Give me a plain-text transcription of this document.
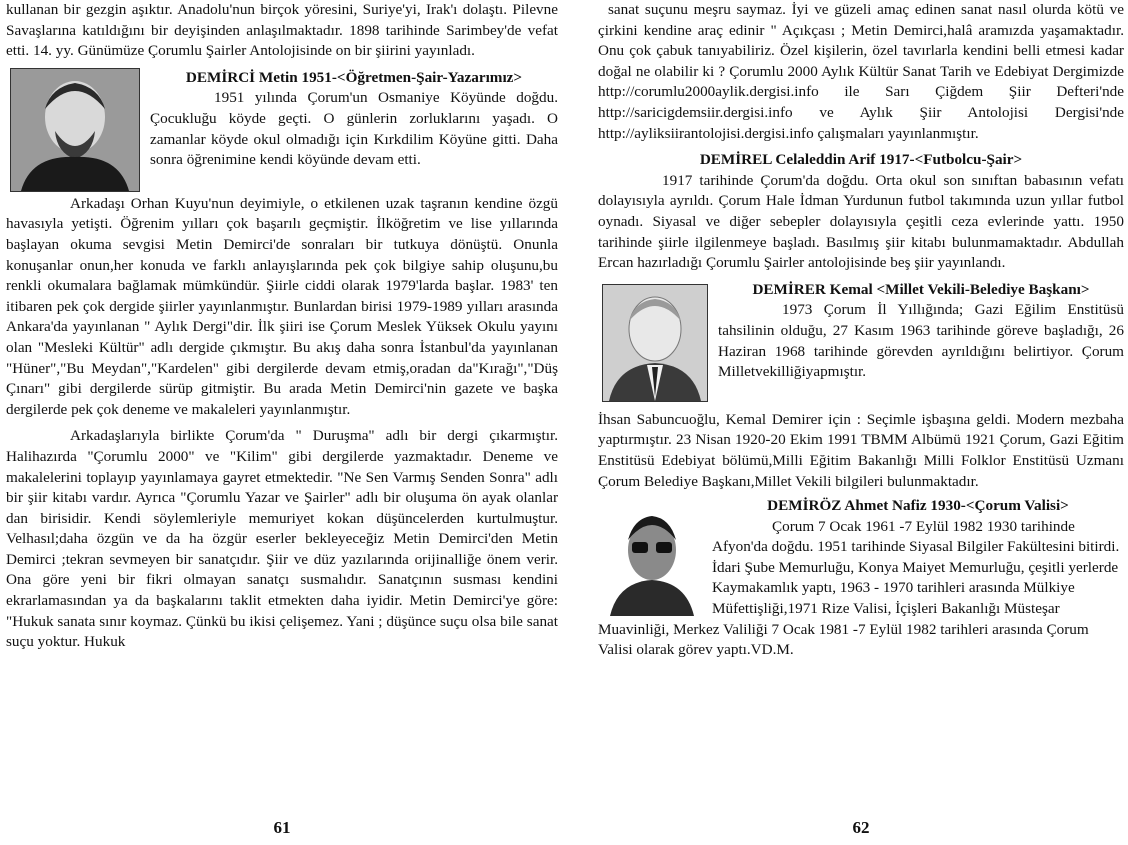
kullanan bir gezgin aşıktır. Anadolu'nun birçok yöresini, Suriye'yi, Irak'ı dolaştı. Pilevne Savaşlarına katıldığını bir deyişinden anlaşılmaktadır. 1898 tarihinde Sarimbey'de vefat etti. 14. yy. Günümüze Çorumlu Şairler Antolojisinde on bir şiirini yayınladı.

DEMİRCİ Metin 1951-<Öğretmen-Şair-Yazarımız>

1951 yılında Çorum'un Osmaniye Köyünde doğdu. Çocukluğu köyde geçti. O günlerin zorluklarını yaşadı. O zamanlar köyde okul olmadığı için Kırkdilim Köyüne gitti. Daha sonra öğrenimine kendi köyünde devam etti.

Arkadaşı Orhan Kuyu'nun deyimiyle, o etkilenen uzak taşranın kendine özgü havasıyla yetişti. Öğrenim yılları çok başarılı geçmiştir. İlköğretim ve lise yıllarında başlayan okuma sevgisi Metin Demirci'de sonraları bir tutkuya dönüştü. Onunla konuşanlar onun,her konuda ve farklı anlayışlarında pek çok bilgiye sahip oluşunu,bu renkli okumalara bağlamak mümkündür. Şiirle ciddi olarak 1979'larda başlar. 1983' ten itibaren pek çok dergide şiirler yayınlanmıştır. Bunlardan birisi 1979-1989 yılları arasında Ankara'da yayınlanan " Aylık Dergi"dir. İlk şiiri ise Çorum Meslek Yüksek Okulu yayını olan "Mesleki Kültür" adlı dergide çıkmıştır. Bu akış daha sonra İstanbul'da yayınlanan "Hüner","Bu Meydan","Kardelen" gibi dergilerde devam etmiş,oradan da"Kırağı","Düş Çınarı" gibi dergilerde sürüp gitmiştir. Bu arada Metin Demirci'nin gazete ve başka dergilerde pek çok deneme ve makaleleri yayınlanmıştır.

Arkadaşlarıyla birlikte Çorum'da " Duruşma" adlı bir dergi çıkarmıştır. Halihazırda "Çorumlu 2000" ve "Kilim" gibi dergilerde yazmaktadır. Deneme ve makalelerini toplayıp yayınlamaya gayret etmektedir. "Ne Sen Varmış Senden Sonra" adlı bir şiir kitabı vardır. Ayrıca "Çorumlu Yazar ve Şairler" adlı bir oluşuma ön ayak olanlar dan birisidir. Kendi söylemleriyle memuriyet kokan düşüncelerden kurtulmuştur. Velhasıl;daha özgün ve da ha özgür eserler bekleyeceğiz Metin Demirci'den Metin Demirci ;tekran sevmeyen bir sanatçıdır. Şiir ve düz yazılarında orijinalliğe önem verir. Ona göre yeni bir fikri olmayan sanatçı susmalıdır. Sanatçının susması kendini ekrarlamasından ya da başkalarını taklit etmekten daha iyidir. Metin Demirci'ye göre: "Hukuk sanata sınır koymaz. Çünkü bu ikisi çelişemez. Yani ; düşünce suçu olsa bile sanat suçu yoktur. Hukuk

61

sanat suçunu meşru saymaz. İyi ve güzeli amaç edinen sanat nasıl olurda kötü ve çirkini kendine araç edinir " Açıkçası ; Metin Demirci,halâ aramızda yaşamaktadır. Onu çok çabuk tanıyabiliriz. Özel kişilerin, özel tavırlarla kendini belli etmesi kadar doğal ne olabilir ki ? Çorumlu 2000 Aylık Kültür Sanat Tarih ve Edebiyat Dergimizde http://corumlu2000aylik.dergisi.info ile Sarı Çiğdem Şiir Defteri'nde http://saricigdemsiir.dergisi.info ve Aylık Şiir Antolojisi Dergisi'nde http://ayliksiirantolojisi.dergisi.info çalışmaları yayınlanmıştır.

DEMİREL Celaleddin Arif 1917-<Futbolcu-Şair>

1917 tarihinde Çorum'da doğdu. Orta okul son sınıftan babasının vefatı dolayısıyla ayrıldı. Çorum Hale İdman Yurdunun futbol takımında uzun yıllar futbol oynadı. Siyasal ve diğer sebepler dolayısıyla çeşitli ceza evlerinde yattı. 1950 tarihinde şiirle ilgilenmeye başladı. Basılmış şiir kitabı bulunmamaktadır. Abdullah Ercan hazırladığı Çorumlu Şairler antolojisinde beş şiir yayınlandı.

DEMİRER Kemal <Millet Vekili-Belediye Başkanı>

1973 Çorum İl Yıllığında; Gazi Eğilim Enstitüsü tahsilinin olduğu, 27 Kasım 1963 tarihinde göreve başladığı, 26 Haziran 1968 tarihinde görevden ayrıldığını belirtiyor. Çorum Milletvekilliğiyapmıştır.

İhsan Sabuncuoğlu, Kemal Demirer için : Seçimle işbaşına geldi. Modern mezbaha yaptırmıştır. 23 Nisan 1920-20 Ekim 1991 TBMM Albümü 1921 Çorum, Gazi Eğitim Enstitüsü Edebiyat bölümü,Milli Eğitim Bakanlığı Milli Folklor Enstitüsü Uzmanı Çorum Belediye Başkanı,Millet Vekili bilgileri bulunmaktadır.

DEMİRÖZ Ahmet Nafiz 1930-<Çorum Valisi>

Çorum 7 Ocak 1961 -7 Eylül 1982 1930 tarihinde Afyon'da doğdu. 1951 tarihinde Siyasal Bilgiler Fakültesini bitirdi. İdari Şube Memurluğu, Konya Maiyet Memurluğu, çeşitli yerlerde Kaymakamlık yaptı, 1963 - 1970 tarihleri arasında Mülkiye Müfettişliği,1971 Rize Valisi, İçişleri Bakanlığı Müsteşar Muavinliği, Merkez Valiliği 7 Ocak 1981 -7 Eylül 1982 tarihleri arasında Çorum Valisi olarak görev yaptı.VD.M.

62
